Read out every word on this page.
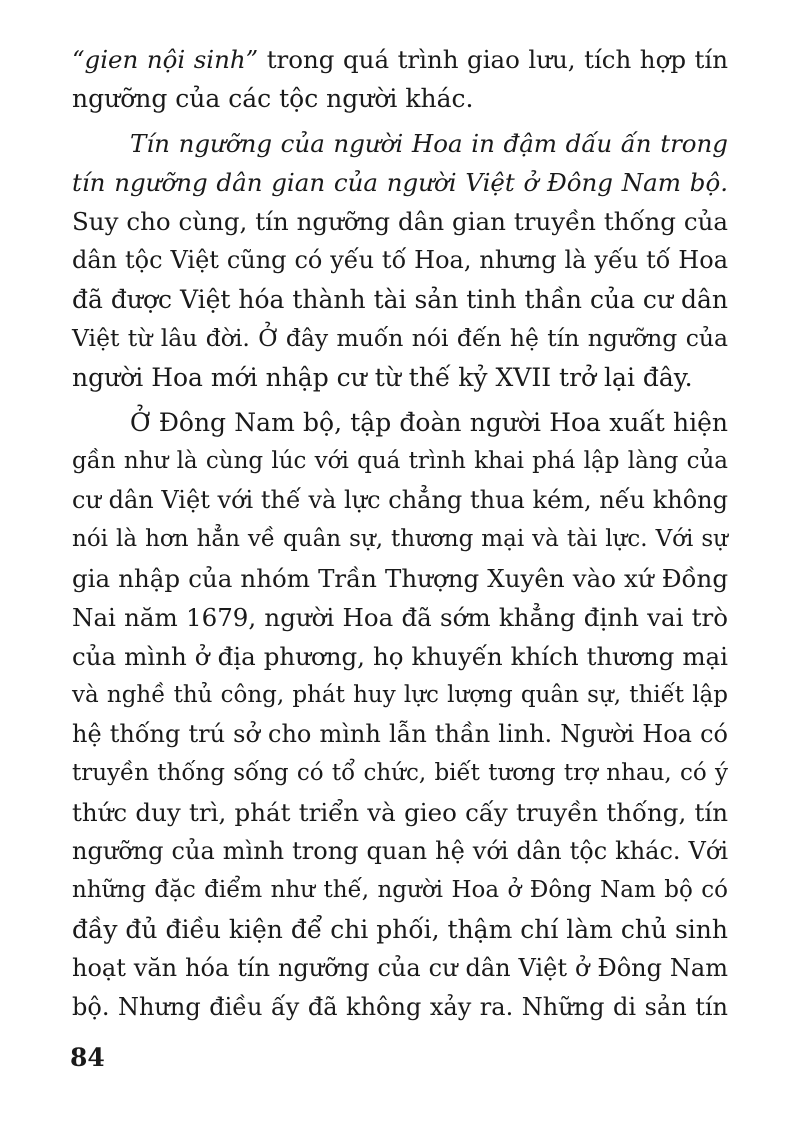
“gien nội sinh” trong quá trình giao lưu, tích hợp tín
ngưỡng của các tộc người khác.
Tín ngưỡng của người Hoa in đậm dấu ấn trong
tín ngưỡng dân gian của người Việt ở Đông Nam bộ.
Suy cho cùng, tín ngưỡng dân gian truyền thống của
dân tộc Việt cũng có yếu tố Hoa, nhưng là yếu tố Hoa
đã được Việt hóa thành tài sản tinh thần của cư dân
Việt từ lâu đời. Ở đây muốn nói đến hệ tín ngưỡng của
người Hoa mới nhập cư từ thế kỷ XVII trở lại đây.
Ở Đông Nam bộ, tập đoàn người Hoa xuất hiện
gần như là cùng lúc với quá trình khai phá lập làng của
cư dân Việt với thế và lực chẳng thua kém, nếu không
nói là hơn hẳn về quân sự, thương mại và tài lực. Với sự
gia nhập của nhóm Trần Thượng Xuyên vào xứ Đồng
Nai năm 1679, người Hoa đã sớm khẳng định vai trò
của mình ở địa phương, họ khuyến khích thương mại
và nghề thủ công, phát huy lực lượng quân sự, thiết lập
hệ thống trú sở cho mình lẫn thần linh. Người Hoa có
truyền thống sống có tổ chức, biết tương trợ nhau, có ý
thức duy trì, phát triển và gieo cấy truyền thống, tín
ngưỡng của mình trong quan hệ với dân tộc khác. Với
những đặc điểm như thế, người Hoa ở Đông Nam bộ có
đầy đủ điều kiện để chi phối, thậm chí làm chủ sinh
hoạt văn hóa tín ngưỡng của cư dân Việt ở Đông Nam
bộ. Nhưng điều ấy đã không xảy ra. Những di sản tín
84
